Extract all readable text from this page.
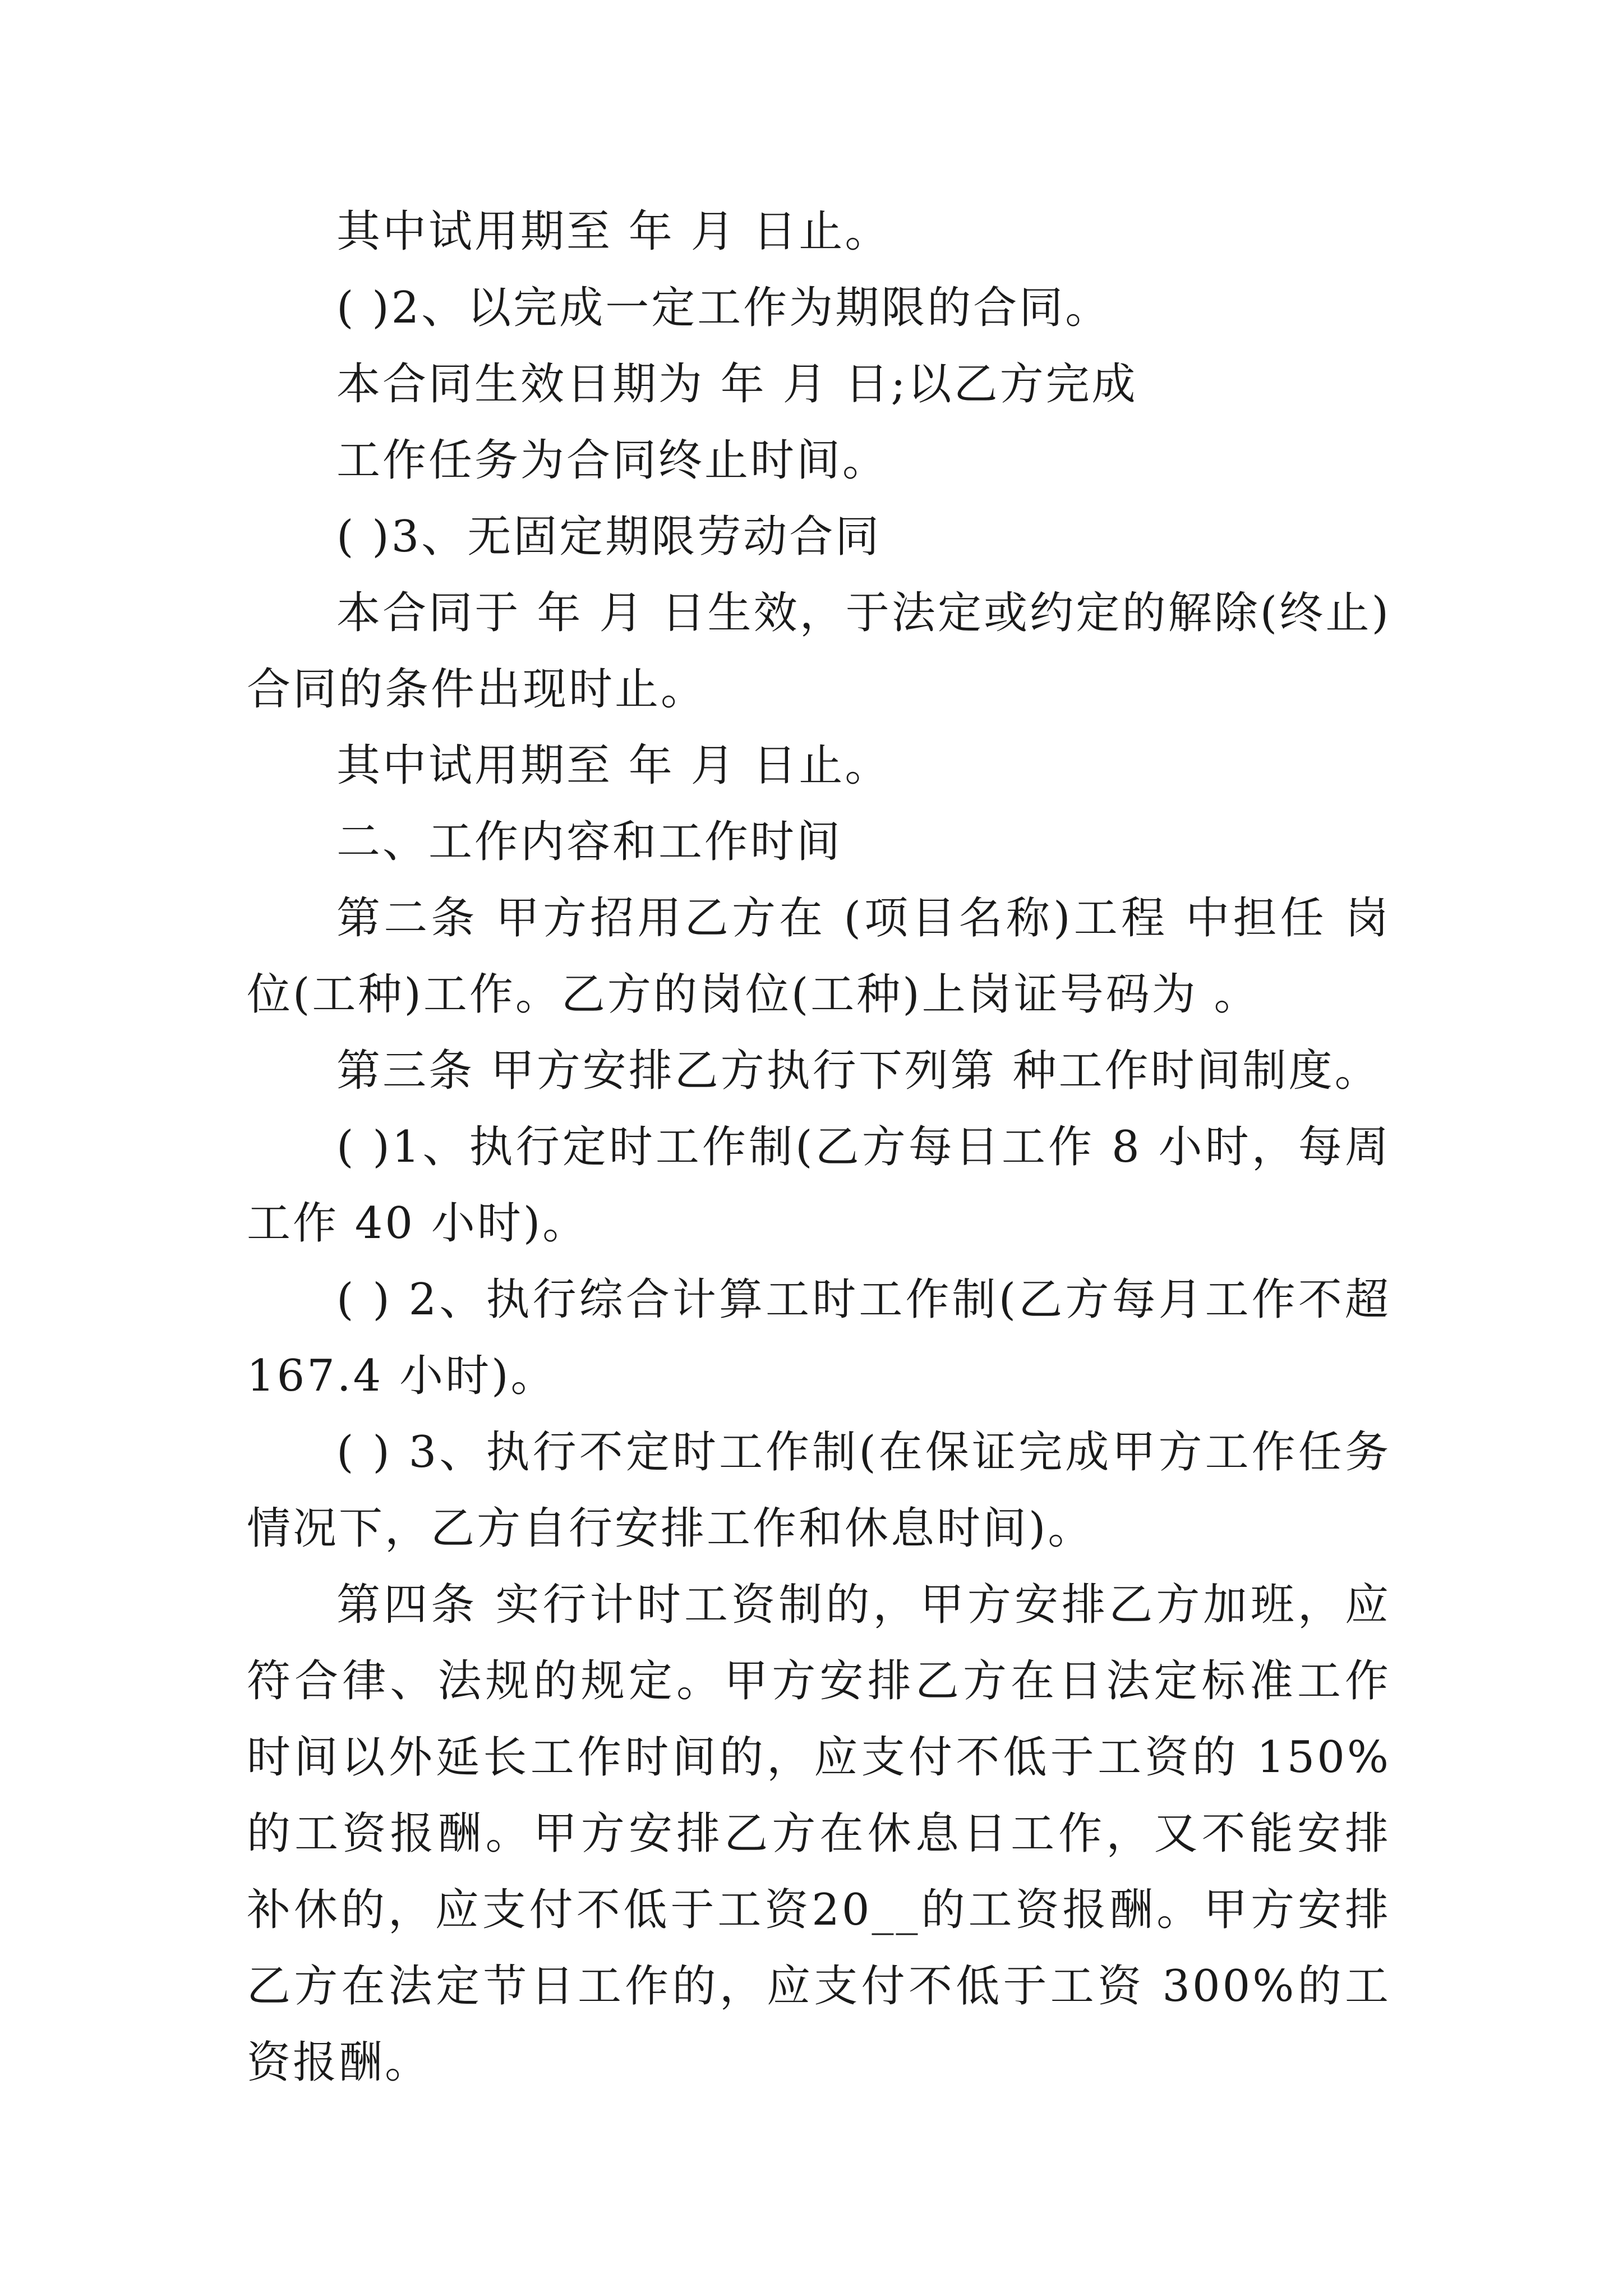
其中试用期至 年 月 日止。

( )2、以完成一定工作为期限的合同。

本合同生效日期为 年 月 日;以乙方完成

工作任务为合同终止时间。

( )3、无固定期限劳动合同

本合同于 年 月 日生效，于法定或约定的解除(终止)合同的条件出现时止。

其中试用期至 年 月 日止。

二、工作内容和工作时间

第二条 甲方招用乙方在 (项目名称)工程 中担任 岗位(工种)工作。乙方的岗位(工种)上岗证号码为 。

第三条 甲方安排乙方执行下列第 种工作时间制度。

( )1、执行定时工作制(乙方每日工作 8 小时，每周工作 40 小时)。

( ) 2、执行综合计算工时工作制(乙方每月工作不超167.4 小时)。

( ) 3、执行不定时工作制(在保证完成甲方工作任务情况下，乙方自行安排工作和休息时间)。

第四条 实行计时工资制的，甲方安排乙方加班，应符合律、法规的规定。甲方安排乙方在日法定标准工作时间以外延长工作时间的，应支付不低于工资的 150%的工资报酬。甲方安排乙方在休息日工作，又不能安排补休的，应支付不低于工资20__的工资报酬。甲方安排乙方在法定节日工作的，应支付不低于工资 300%的工资报酬。
